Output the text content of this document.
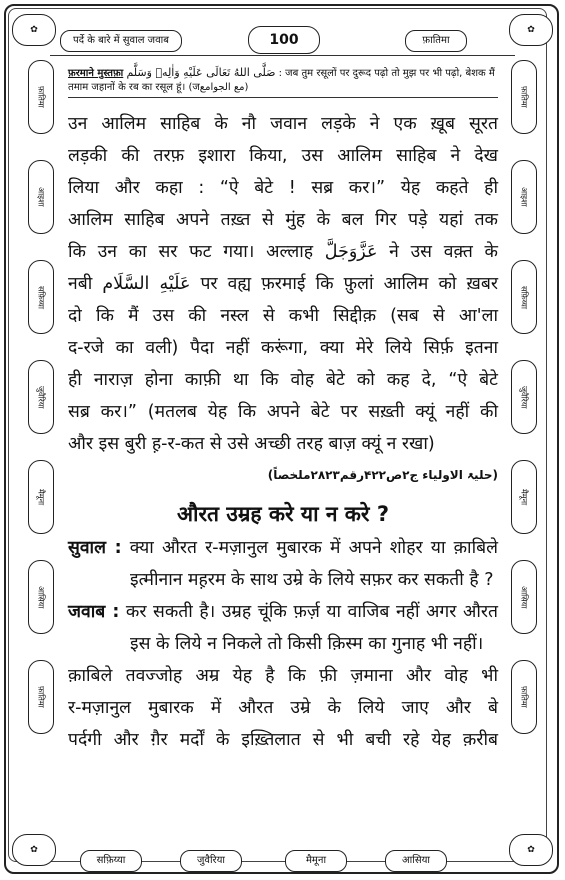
✿	✿
✿	✿
पर्दे के बारे में सुवाल जवाब	100	फ़ातिमा
फ़ातिमा
आइशा
सफ़िय्या
जुवैरिया
मैमूना
आसिया
फ़ातिमा
फ़ातिमा
आइशा
सफ़िय्या
जुवैरिया
मैमूना
आसिया
फ़ातिमा
फ़रमाने मुस्तफ़ा صَلَّى اللهُ تَعَالَى عَلَيْهِ وَاٰلِهٖ وَسَلَّم : जब तुम रसूलों पर दुरूद पढ़ो तो मुझ पर भी पढ़ो, बेशक मैं तमाम जहानों के रब का रसूल हूं। (जمع الجوامع)
उन आलिम साहिब के नौ जवान लड़के ने एक ख़ूब सूरत
लड़की की तरफ़ इशारा किया, उस आलिम साहिब ने देख
लिया और कहा : “ऐ बेटे ! सब्र कर।” येह कहते ही
आलिम साहिब अपने तख़्त से मुंह के बल गिर पड़े यहां तक
कि उन का सर फट गया। अल्लाह عَزَّوَجَلَّ ने उस वक़्त के
नबी عَلَيْهِ السَّلَام पर वह्य फ़रमाई कि फ़ुलां आलिम को ख़बर
दो कि मैं उस की नस्ल से कभी सिद्दीक़ (सब से आ'ला
द-रजे का वली) पैदा नहीं करूंगा, क्या मेरे लिये सिर्फ़ इतना
ही नाराज़ होना काफ़ी था कि वोह बेटे को कह दे, “ऐ बेटे
सब्र कर।” (मतलब येह कि अपने बेटे पर सख़्ती क्यूं नहीं की
और इस बुरी ह़-र-कत से उसे अच्छी तरह बाज़ क्यूं न रखा)
(حلیۃ الاولیاء ج۲ص۴۲۲رقم۲۸۲۳ملخصاً)
औरत उम्रह करे या न करे ?
सुवाल : क्या औरत र-मज़ानुल मुबारक में अपने शोहर या क़ाबिले
इत्मीनान मह़रम के साथ उम्रे के लिये सफ़र कर सकती है ?
जवाब : कर सकती है। उम्रह चूंकि फ़र्ज़ या वाजिब नहीं अगर औरत
इस के लिये न निकले तो किसी क़िस्म का गुनाह भी नहीं।
क़ाबिले तवज्जोह अम्र येह है कि फ़ी ज़माना और वोह भी
र-मज़ानुल मुबारक में औरत उम्रे के लिये जाए और बे
पर्दगी और ग़ैर मर्दों के इख़्तिलात से भी बची रहे येह क़रीब
सफ़िय्या	जुवैरिया	मैमूना	आसिया
